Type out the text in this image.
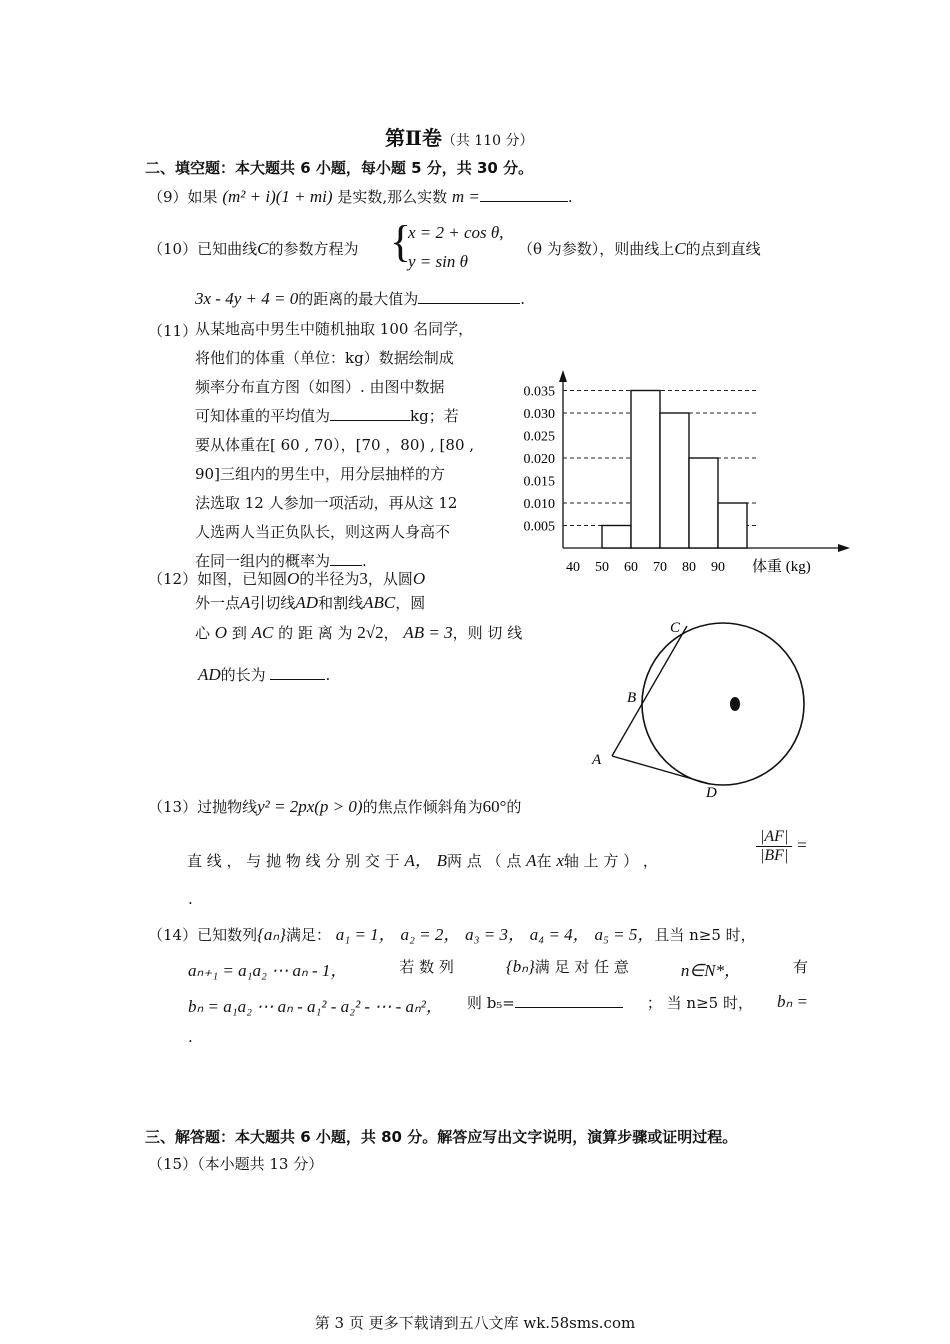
第Ⅱ卷（共 110 分）
二、填空题：本大题共 6 小题，每小题 5 分，共 30 分。
（9）如果 (m² + i)(1 + mi) 是实数,那么实数 m =	.
（10）已知曲线C的参数方程为 {
x = 2 + cos θ,
y = sin θ
（θ 为参数），则曲线上C的点到直线
3x - 4y + 4 = 0的距离的最大值为	.
（11）
从某地高中男生中随机抽取 100 名同学，
将他们的体重（单位：kg）数据绘制成
频率分布直方图（如图）. 由图中数据
可知体重的平均值为	kg；若
要从体重在[ 60 , 70），[70 ，80) , [80 ,
90]三组内的男生中，用分层抽样的方
法选取 12 人参加一项活动，再从这 12
人选两人当正负队长，则这两人身高不
在同一组内的概率为 .
0.035
0.030
0.025
0.020
0.015
0.010
0.005
40 50 60 70 80 90 体重 (kg)
（12）如图，已知圆O的半径为3，从圆O
外一点A引切线AD和割线ABC，圆
心 O 到 AC 的 距 离 为 2√2， AB = 3，则 切 线
AD的长为	.
C
B
A
D
（13）过抛物线y² = 2px(p > 0)的焦点作倾斜角为60°的
直 线 ， 与 抛 物 线 分 别 交 于 A， B两 点 （ 点 A在 x轴 上 方 ） ，	$\frac{|AF|}{|BF|}$ =
.
（14）已知数列{aₙ}满足： a₁ = 1， a₂ = 2， a₃ = 3， a₄ = 4， a₅ = 5，且当 n≥5 时，
aₙ₊₁ = a₁a₂ ⋯ aₙ - 1，	若 数 列	{bₙ}满 足 对 任 意	n∈N*，	有
bₙ = a₁a₂ ⋯ aₙ - a₁² - a₂² - ⋯ - aₙ²， 则 b₅=	； 当 n≥5 时， bₙ =
.
三、解答题：本大题共 6 小题，共 80 分。解答应写出文字说明，演算步骤或证明过程。
（15）（本小题共 13 分）
第 3 页 更多下载请到五八文库 wk.58sms.com
